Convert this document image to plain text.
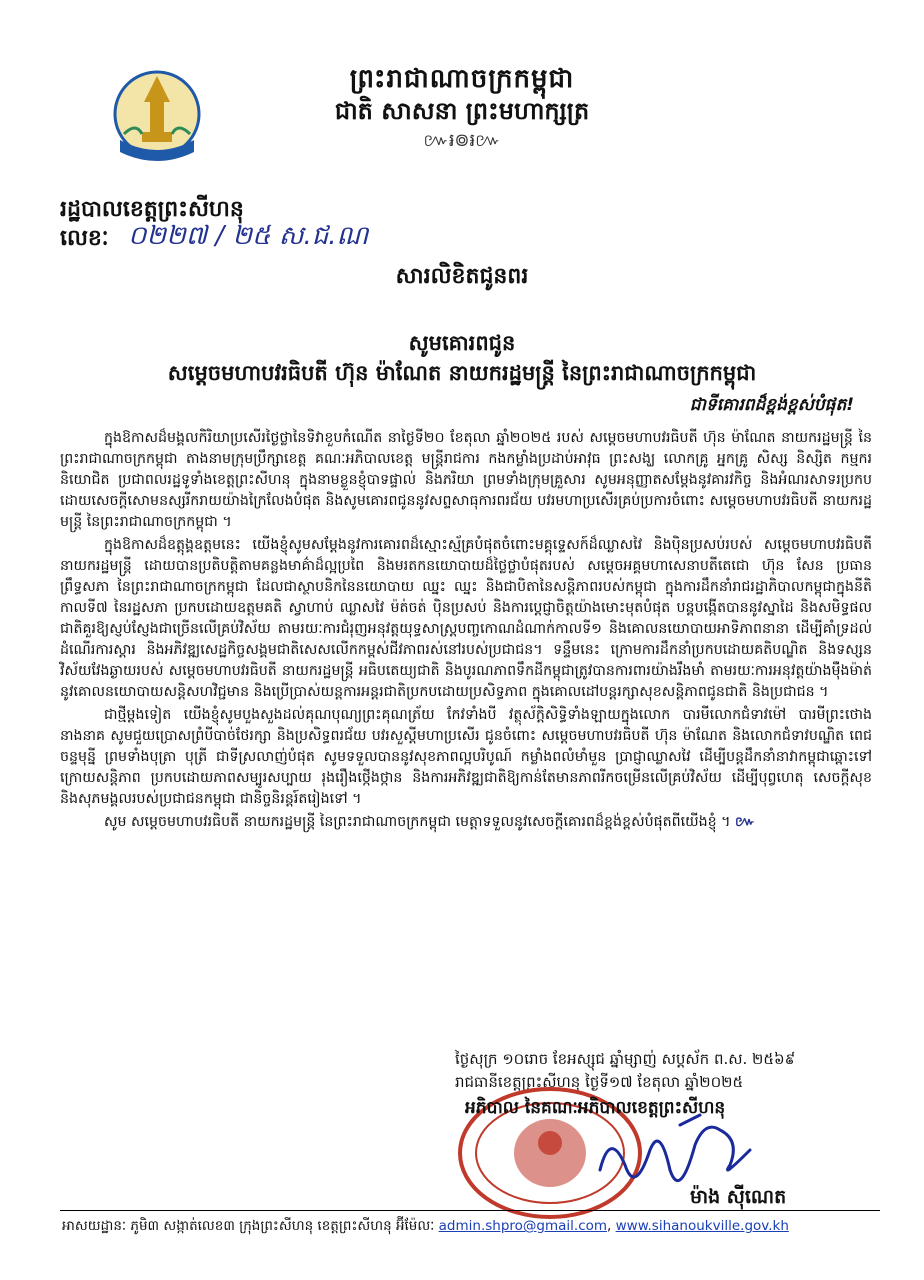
ព្រះរាជាណាចក្រកម្ពុជា
ជាតិ សាសនា ព្រះមហាក្សត្រ
៚៛៙៛៚
រដ្ឋបាលខេត្តព្រះសីហនុ
លេខៈ ០២២៧ / ២៥ ស.ជ.ណ
សារលិខិតជូនពរ
សូមគោរពជូន
សម្តេចមហាបវរធិបតី ហ៊ុន ម៉ាណែត នាយករដ្ឋមន្ត្រី នៃព្រះរាជាណាចក្រកម្ពុជា
ជាទីគោរពដ៏ខ្ពង់ខ្ពស់បំផុត!

ក្នុងឱកាសដ៏មង្គលកិរិយាប្រសើរថ្ងៃថ្លានៃទិវាខួបកំណើត នាថ្ងៃទី២០ ខែតុលា ឆ្នាំ២០២៥ របស់ សម្តេចមហាបវរធិបតី ហ៊ុន ម៉ាណែត នាយករដ្ឋមន្ត្រី នៃព្រះរាជាណាចក្រកម្ពុជា តាងនាមក្រុមប្រឹក្សាខេត្ត គណៈអភិបាលខេត្ត មន្ត្រីរាជការ កងកម្លាំងប្រដាប់អាវុធ ព្រះសង្ឃ លោកគ្រូ អ្នកគ្រូ សិស្ស និស្សិត កម្មករ និយោជិត ប្រជាពលរដ្ឋទូទាំងខេត្តព្រះសីហនុ ក្នុងនាមខ្លួនខ្ញុំបាទផ្ទាល់ និងភរិយា ព្រមទាំងក្រុមគ្រួសារ សូមអនុញ្ញាតសម្តែងនូវគារវកិច្ច និងអំណរសាទរប្រកបដោយសេចក្តីសោមនស្សរីករាយយ៉ាងក្រៃលែងបំផុត និងសូមគោរពជូននូវសព្ទសាធុការពរជ័យ បវរមហាប្រសើរគ្រប់ប្រការចំពោះ សម្តេចមហាបវរធិបតី នាយករដ្ឋមន្ត្រី នៃព្រះរាជាណាចក្រកម្ពុជា ។

ក្នុងឱកាសដ៏ឧត្តុង្គឧត្តមនេះ យើងខ្ញុំសូមសម្តែងនូវការគោរពដ៏ស្មោះស្ម័គ្របំផុតចំពោះមគ្គុទ្ទេសក៍ដ៏ឈ្លាសវៃ និងប៉ិនប្រសប់របស់ សម្តេចមហាបវរធិបតី នាយករដ្ឋមន្ត្រី ដោយបានប្រតិបត្តិតាមគន្លងមាគ៌ាដ៏ល្អប្រពៃ និងមរតកនយោបាយដ៏ថ្លៃថ្លាបំផុតរបស់ សម្តេចអគ្គមហាសេនាបតីតេជោ ហ៊ុន សែន ប្រធានព្រឹទ្ធសភា នៃព្រះរាជាណាចក្រកម្ពុជា ដែលជាស្ថាបនិកនៃនយោបាយ ឈ្នះ ឈ្នះ និងជាបិតានៃសន្តិភាពរបស់កម្ពុជា ក្នុងការដឹកនាំរាជរដ្ឋាភិបាលកម្ពុជាក្នុងនីតិកាលទី៧ នៃរដ្ឋសភា ប្រកបដោយឧត្តមគតិ ស្វាហាប់ ឈ្លាសវៃ ម៉ត់ចត់ ប៉ិនប្រសប់ និងការប្តេជ្ញាចិត្តយ៉ាងមោះមុតបំផុត បន្តបង្កើតបាននូវស្នាដៃ និងសមិទ្ធផលជាតិគួរឱ្យស្ញប់ស្ញែងជាច្រើនលើគ្រប់វិស័យ តាមរយៈការជំរុញអនុវត្តយុទ្ធសាស្ត្របញ្ចកោណដំណាក់កាលទី១ និងគោលនយោបាយអាទិភាពនានា ដើម្បីគាំទ្រដល់ដំណើរការស្តារ និងអភិវឌ្ឍសេដ្ឋកិច្ចសង្គមជាតិសេសលើកកម្ពស់ជីវភាពរស់នៅរបស់ប្រជាជន។ ទន្ទឹមនេះ ក្រោមការដឹកនាំប្រកបដោយគតិបណ្ឌិត និងទស្សនវិស័យវែងឆ្ងាយរបស់ សម្តេចមហាបវរធិបតី នាយករដ្ឋមន្ត្រី អធិបតេយ្យជាតិ និងបូរណភាពទឹកដីកម្ពុជាត្រូវបានការពារយ៉ាងរឹងមាំ តាមរយៈការអនុវត្តយ៉ាងម៉ឺងម៉ាត់នូវគោលនយោបាយសន្តិសហវិជ្ជមាន និងប្រើប្រាស់យន្តការអន្តរជាតិប្រកបដោយប្រសិទ្ធភាព ក្នុងគោលដៅបន្តរក្សាសុខសន្តិភាពជូនជាតិ និងប្រជាជន ។

ជាថ្មីម្តងទៀត យើងខ្ញុំសូមបួងសួងដល់គុណបុណ្យព្រះគុណត្រ័យ កែវទាំងបី វត្ថុស័ក្តិសិទ្ធិទាំងឡាយក្នុងលោក បារមីលោកជំទាវម៉ៅ បារមីព្រះថោងនាងនាគ សូមជួយប្រោសព្រំបីបាច់ថែរក្សា និងប្រសិទ្ធពរជ័យ បវរសួស្តីមហាប្រសើរ ជូនចំពោះ សម្តេចមហាបវរធិបតី ហ៊ុន ម៉ាណែត និងលោកជំទាវបណ្ឌិត ពេជ ចន្ទមុន្នី ព្រមទាំងបុត្រា បុត្រី ជាទីស្រលាញ់បំផុត សូមទទួលបាននូវសុខភាពល្អបរិបូណ៍ កម្លាំងពលំមាំមួន ប្រាជ្ញាឈ្លាសវៃ ដើម្បីបន្តដឹកនាំនាវាកម្ពុជាឆ្ពោះទៅក្រោយសន្តិភាព ប្រកបដោយភាពសម្បូរសប្បាយ រុងរឿងថ្កើងថ្កាន និងការអភិវឌ្ឍជាតិឱ្យកាន់តែមានភាពរីកចម្រើនលើគ្រប់វិស័យ ដើម្បីបុព្វហេតុ សេចក្តីសុខ និងសុភមង្គលរបស់ប្រជាជនកម្ពុជា ជានិច្ចនិរន្តរ៍តរៀងទៅ ។

សូម សម្តេចមហាបវរធិបតី នាយករដ្ឋមន្ត្រី នៃព្រះរាជាណាចក្រកម្ពុជា មេត្តាទទួលនូវសេចក្តីគោរពដ៏ខ្ពង់ខ្ពស់បំផុតពីយើងខ្ញុំ ។ ៚

ថ្ងៃសុក្រ ១០រោច ខែអស្សុជ ឆ្នាំម្សាញ់ សប្តស័ក ព.ស. ២៥៦៩
រាជធានីខេត្តព្រះសីហនុ ថ្ងៃទី១៧ ខែតុលា ឆ្នាំ២០២៥
អភិបាល នៃគណៈអភិបាលខេត្តព្រះសីហនុ
ម៉ាង ស៊ីណេត
អាសយដ្ឋានៈ ភូមិ៣ សង្កាត់លេខ៣ ក្រុងព្រះសីហនុ ខេត្តព្រះសីហនុ អ៊ីម៉ែលៈ admin.shpro@gmail.com, www.sihanoukville.gov.kh
